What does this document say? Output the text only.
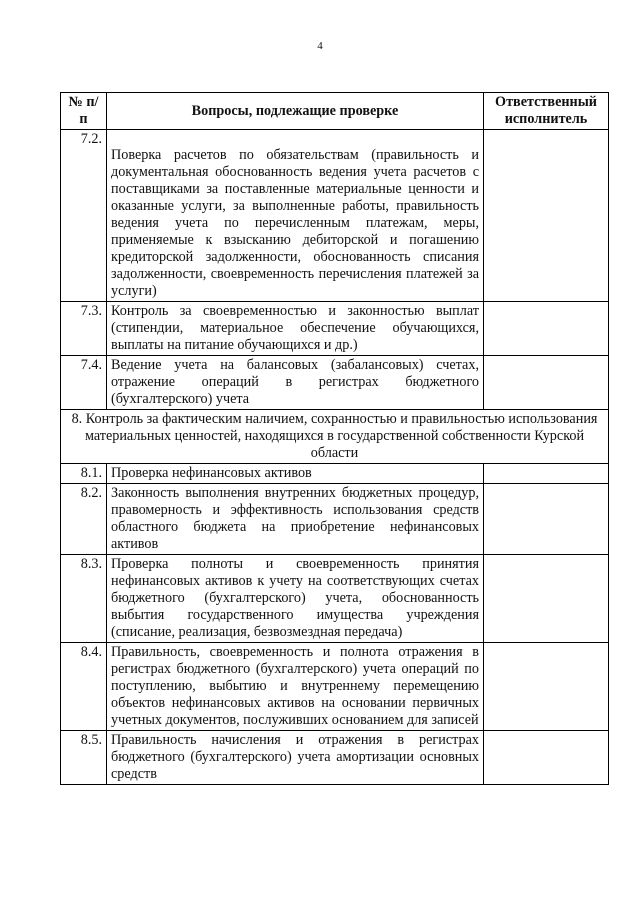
4
№ п/п	Вопросы, подлежащие проверке	Ответственный исполнитель
7.2.	Поверка расчетов по обязательствам (правильность и документальная обоснованность ведения учета расчетов с поставщиками за поставленные материальные ценности и оказанные услуги, за выполненные работы, правильность ведения учета по перечисленным платежам, меры, применяемые к взысканию дебиторской и погашению кредиторской задолженности, обоснованность списания задолженности, своевременность перечисления платежей за услуги)	
7.3.	Контроль за своевременностью и законностью выплат (стипендии, материальное обеспечение обучающихся, выплаты на питание обучающихся и др.)	
7.4.	Ведение учета на балансовых (забалансовых) счетах, отражение операций в регистрах бюджетного (бухгалтерского) учета	
8. Контроль за фактическим наличием, сохранностью и правильностью использования материальных ценностей, находящихся в государственной собственности Курской области		
8.1.	Проверка нефинансовых активов	
8.2.	Законность выполнения внутренних бюджетных процедур, правомерность и эффективность использования средств областного бюджета на приобретение нефинансовых активов	
8.3.	Проверка полноты и своевременность принятия нефинансовых активов к учету на соответствующих счетах бюджетного (бухгалтерского) учета, обоснованность выбытия государственного имущества учреждения (списание, реализация, безвозмездная передача)	
8.4.	Правильность, своевременность и полнота отражения в регистрах бюджетного (бухгалтерского) учета операций по поступлению, выбытию и внутреннему перемещению объектов нефинансовых активов на основании первичных учетных документов, послуживших основанием для записей	
8.5.	Правильность начисления и отражения в регистрах бюджетного (бухгалтерского) учета амортизации основных средств	
